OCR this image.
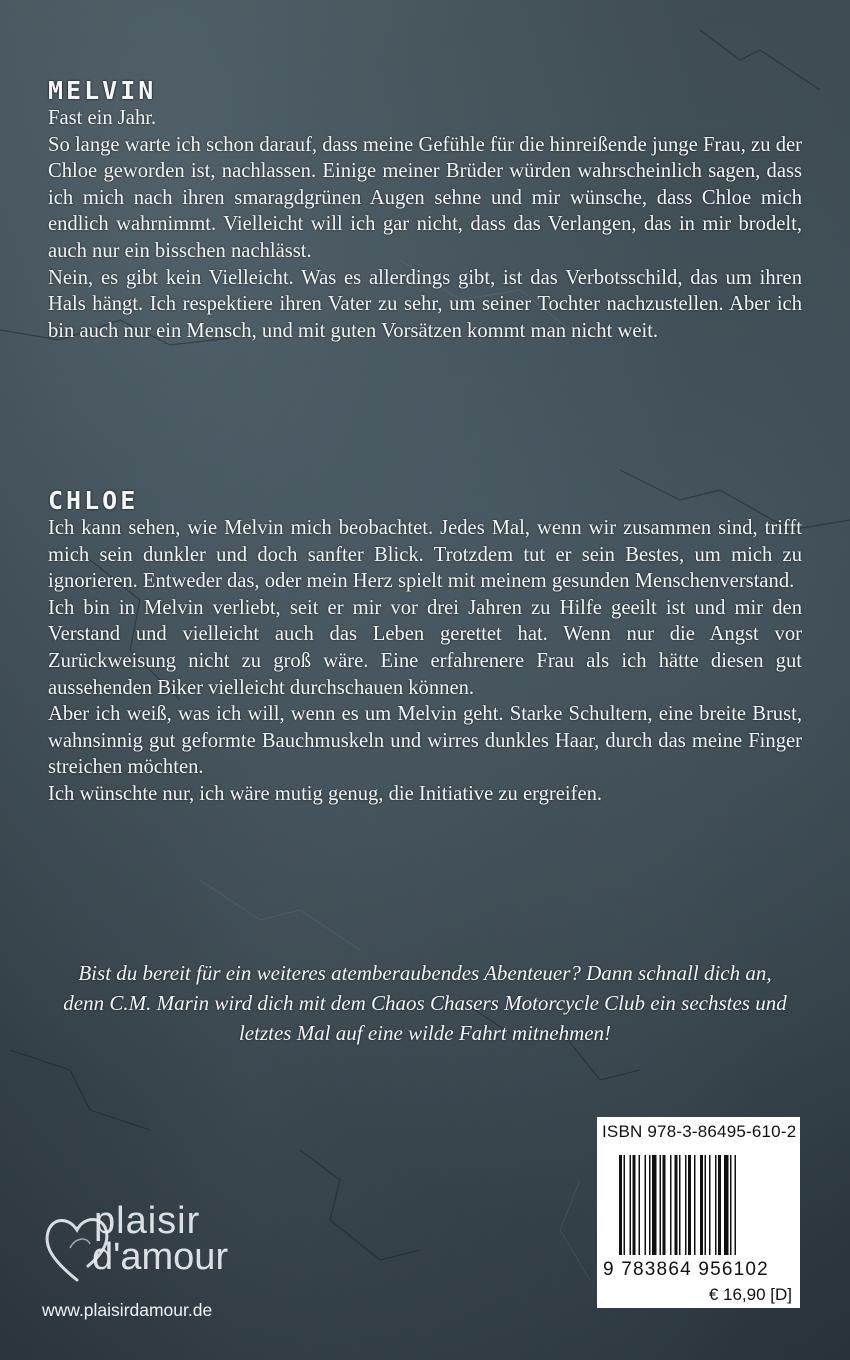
MELVIN

Fast ein Jahr.

So lange warte ich schon darauf, dass meine Gefühle für die hinreißende junge Frau, zu der Chloe geworden ist, nachlassen. Einige meiner Brüder würden wahrscheinlich sagen, dass ich mich nach ihren smaragdgrünen Augen sehne und mir wünsche, dass Chloe mich endlich wahrnimmt. Vielleicht will ich gar nicht, dass das Verlangen, das in mir brodelt, auch nur ein bisschen nachlässt.

Nein, es gibt kein Vielleicht. Was es allerdings gibt, ist das Verbotsschild, das um ihren Hals hängt. Ich respektiere ihren Vater zu sehr, um seiner Tochter nachzustellen. Aber ich bin auch nur ein Mensch, und mit guten Vorsätzen kommt man nicht weit.

CHLOE

Ich kann sehen, wie Melvin mich beobachtet. Jedes Mal, wenn wir zusammen sind, trifft mich sein dunkler und doch sanfter Blick. Trotzdem tut er sein Bestes, um mich zu ignorieren. Entweder das, oder mein Herz spielt mit meinem gesunden Menschenverstand.

Ich bin in Melvin verliebt, seit er mir vor drei Jahren zu Hilfe geeilt ist und mir den Verstand und vielleicht auch das Leben gerettet hat. Wenn nur die Angst vor Zurückweisung nicht zu groß wäre. Eine erfahrenere Frau als ich hätte diesen gut aussehenden Biker vielleicht durchschauen können.

Aber ich weiß, was ich will, wenn es um Melvin geht. Starke Schultern, eine breite Brust, wahnsinnig gut geformte Bauchmuskeln und wirres dunkles Haar, durch das meine Finger streichen möchten.

Ich wünschte nur, ich wäre mutig genug, die Initiative zu ergreifen.

Bist du bereit für ein weiteres atemberaubendes Abenteuer? Dann schnall dich an, denn C.M. Marin wird dich mit dem Chaos Chasers Motorcycle Club ein sechstes und letztes Mal auf eine wilde Fahrt mitnehmen!
ISBN 978-3-86495-610-2
9 783864 956102
€ 16,90 [D]
plaisir
d'amour
www.plaisirdamour.de
